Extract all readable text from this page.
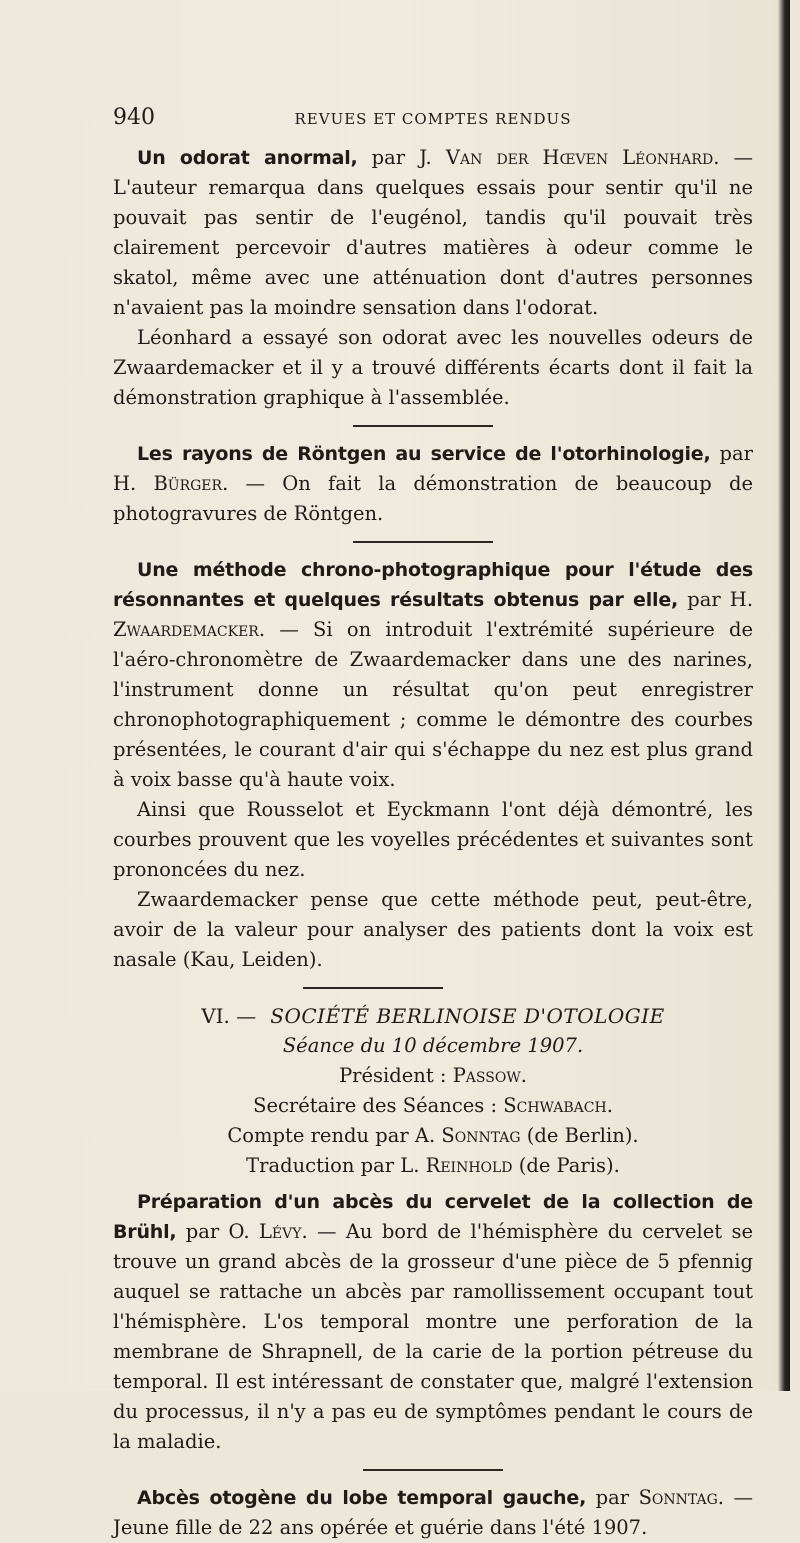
940	REVUES ET COMPTES RENDUS

Un odorat anormal, par J. Van der Hœven Léonhard. — L'auteur remarqua dans quelques essais pour sentir qu'il ne pouvait pas sentir de l'eugénol, tandis qu'il pouvait très clairement percevoir d'autres matières à odeur comme le skatol, même avec une atténuation dont d'autres personnes n'avaient pas la moindre sensation dans l'odorat.

Léonhard a essayé son odorat avec les nouvelles odeurs de Zwaardemacker et il y a trouvé différents écarts dont il fait la démonstration graphique à l'assemblée.

Les rayons de Röntgen au service de l'otorhinologie, par H. Bürger. — On fait la démonstration de beaucoup de photogravures de Röntgen.

Une méthode chrono-photographique pour l'étude des résonnantes et quelques résultats obtenus par elle, par H. Zwaardemacker. — Si on introduit l'extrémité supérieure de l'aéro-chronomètre de Zwaardemacker dans une des narines, l'instrument donne un résultat qu'on peut enregistrer chronophotographiquement ; comme le démontre des courbes présentées, le courant d'air qui s'échappe du nez est plus grand à voix basse qu'à haute voix.

Ainsi que Rousselot et Eyckmann l'ont déjà démontré, les courbes prouvent que les voyelles précédentes et suivantes sont prononcées du nez.

Zwaardemacker pense que cette méthode peut, peut-être, avoir de la valeur pour analyser des patients dont la voix est nasale (Kau, Leiden).

VI. — SOCIÉTÉ BERLINOISE D'OTOLOGIE

Séance du 10 décembre 1907.

Président : Passow.

Secrétaire des Séances : Schwabach.

Compte rendu par A. Sonntag (de Berlin).

Traduction par L. Reinhold (de Paris).

Préparation d'un abcès du cervelet de la collection de Brühl, par O. Lévy. — Au bord de l'hémisphère du cervelet se trouve un grand abcès de la grosseur d'une pièce de 5 pfennig auquel se rattache un abcès par ramollissement occupant tout l'hémisphère. L'os temporal montre une perforation de la membrane de Shrapnell, de la carie de la portion pétreuse du temporal. Il est intéressant de constater que, malgré l'extension du processus, il n'y a pas eu de symptômes pendant le cours de la maladie.

Abcès otogène du lobe temporal gauche, par Sonntag. — Jeune fille de 22 ans opérée et guérie dans l'été 1907.
